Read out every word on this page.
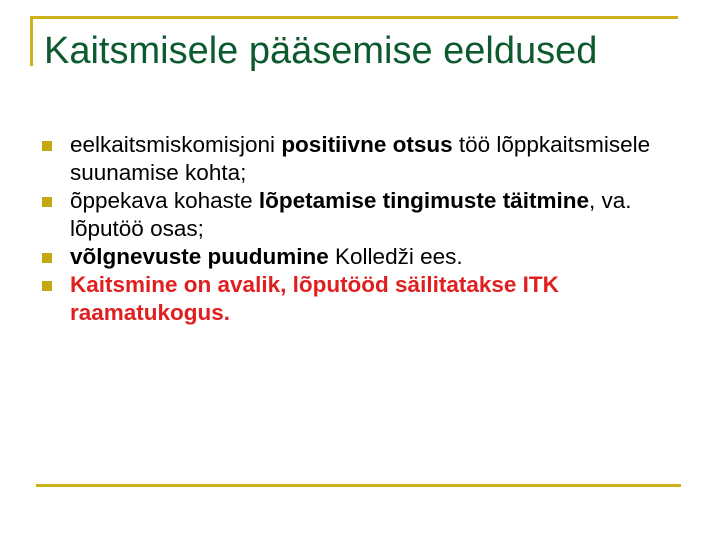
Kaitsmisele pääsemise eeldused
eelkaitsmiskomisjoni positiivne otsus töö lõppkaitsmisele suunamise kohta;
õppekava kohaste lõpetamise tingimuste täitmine, va. lõputöö osas;
võlgnevuste puudumine Kolledži ees.
Kaitsmine on avalik, lõputööd säilitatakse ITK raamatukogus.
